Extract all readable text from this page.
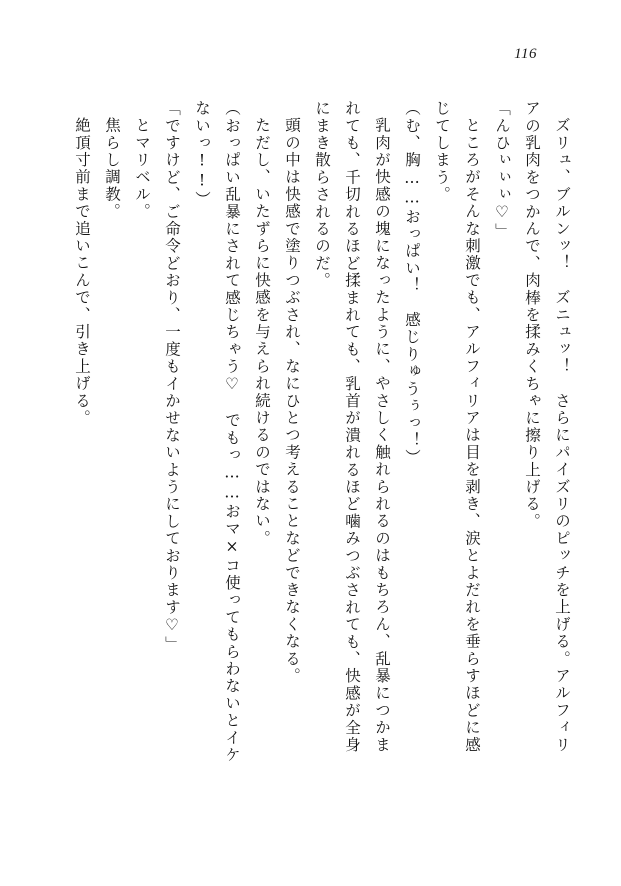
116
ズリュ、ブルンッ！　ズニュッ！　さらにパイズリのピッチを上げる。アルフィリ
アの乳肉をつかんで、肉棒を揉みくちゃに擦り上げる。
「んひぃぃぃ♡」
ところがそんな刺激でも、アルフィリアは目を剥き、涙とよだれを垂らすほどに感
じてしまう。
（む、胸……おっぱい！　感じりゅうぅっ！）
乳肉が快感の塊になったように、やさしく触れられるのはもちろん、乱暴につかま
れても、千切れるほど揉まれても、乳首が潰れるほど噛みつぶされても、快感が全身
にまき散らされるのだ。
頭の中は快感で塗りつぶされ、なにひとつ考えることなどできなくなる。
ただし、いたずらに快感を与えられ続けるのではない。
（おっぱい乱暴にされて感じちゃう♡　でもっ……おマ×コ使ってもらわないとイケ
ないっ!!）
「ですけど、ご命令どおり、一度もイかせないようにしております♡」
とマリベル。
焦らし調教。
絶頂寸前まで追いこんで、引き上げる。
